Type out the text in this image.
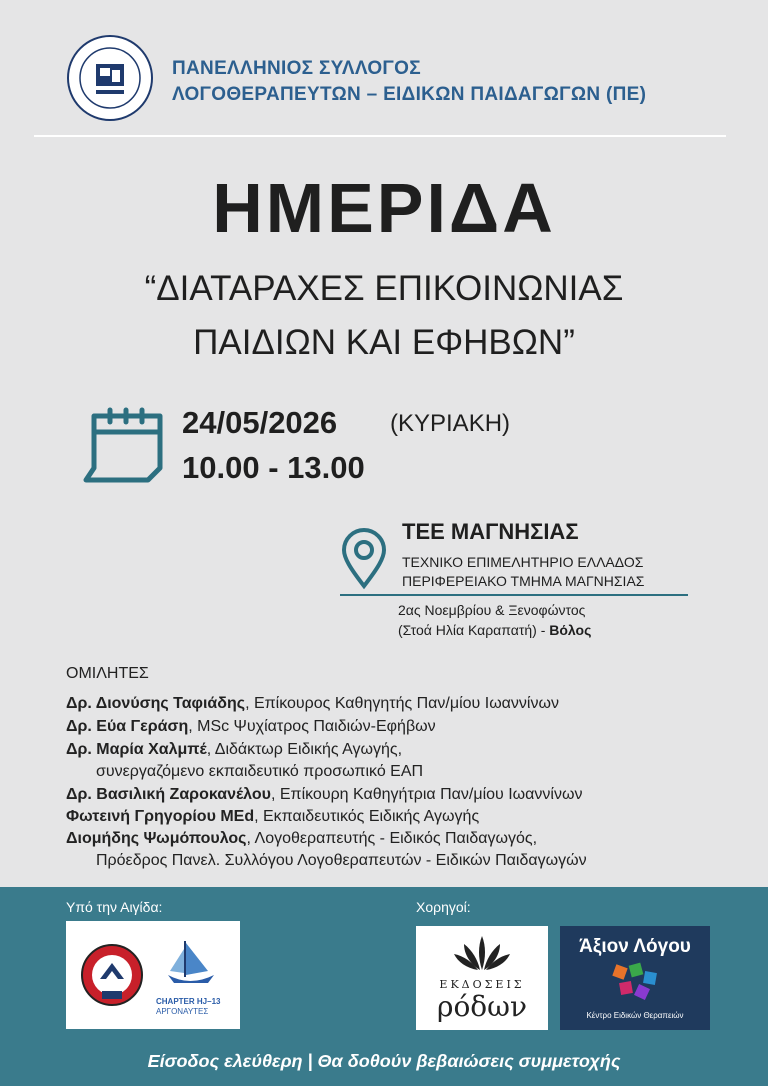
ΠΑΝΕΛΛΗΝΙΟΣ ΣΥΛΛΟΓΟΣ
ΛΟΓΟΘΕΡΑΠΕΥΤΩΝ – ΕΙΔΙΚΩΝ ΠΑΙΔΑΓΩΓΩΝ (ΠΕ)
ΗΜΕΡΙΔΑ
“ΔΙΑΤΑΡΑΧΕΣ ΕΠΙΚΟΙΝΩΝΙΑΣ
ΠΑΙΔΙΩΝ ΚΑΙ ΕΦΗΒΩΝ”
24/05/2026 (ΚΥΡΙΑΚΗ)
10.00 - 13.00
ΤΕΕ ΜΑΓΝΗΣΙΑΣ
ΤΕΧΝΙΚΟ ΕΠΙΜΕΛΗΤΗΡΙΟ ΕΛΛΑΔΟΣ
ΠΕΡΙΦΕΡΕΙΑΚΟ ΤΜΗΜΑ ΜΑΓΝΗΣΙΑΣ
2ας Νοεμβρίου & Ξενοφώντος
(Στοά Ηλία Καραπατή) - Βόλος
ΟΜΙΛΗΤΕΣ
Δρ. Διονύσης Ταφιάδης, Επίκουρος Καθηγητής Παν/μίου Ιωαννίνων
Δρ. Εύα Γεράση, MSc Ψυχίατρος Παιδιών-Εφήβων
Δρ. Μαρία Χαλμπέ, Διδάκτωρ Ειδικής Αγωγής,
συνεργαζόμενο εκπαιδευτικό προσωπικό ΕΑΠ
Δρ. Βασιλική Ζαροκανέλου, Επίκουρη Καθηγήτρια Παν/μίου Ιωαννίνων
Φωτεινή Γρηγορίου MEd, Εκπαιδευτικός Ειδικής Αγωγής
Διομήδης Ψωμόπουλος, Λογοθεραπευτής - Ειδικός Παιδαγωγός,
Πρόεδρος Πανελ. Συλλόγου Λογοθεραπευτών - Ειδικών Παιδαγωγών
Υπό την Αιγίδα:	Χορηγοί:
CHAPTER HJ–13
ΑΡΓΟΝΑΥΤΕΣ
ΕΚΔΟΣΕΙΣ
ρόδων
Άξιον Λόγου
Κέντρο Ειδικών Θεραπειών
Είσοδος ελεύθερη | Θα δοθούν βεβαιώσεις συμμετοχής
